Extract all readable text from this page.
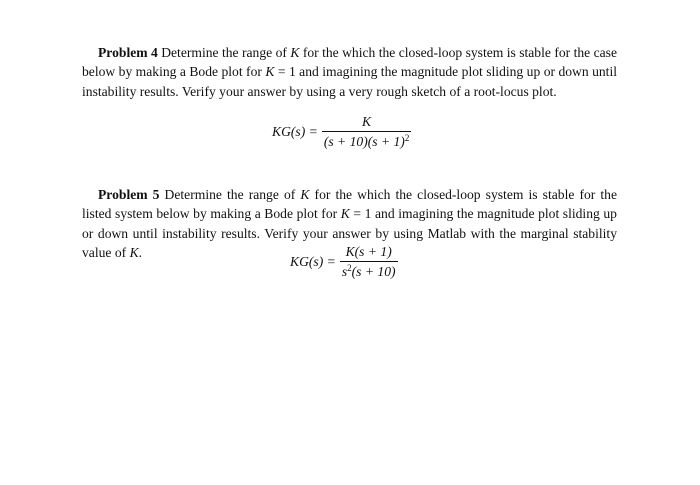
Problem 4 Determine the range of K for the which the closed-loop system is stable for the case below by making a Bode plot for K = 1 and imagining the magnitude plot sliding up or down until instability results. Verify your answer by using a very rough sketch of a root-locus plot.

$KG(s) = \frac{K}{(s + 10)(s + 1)^2}$

Problem 5 Determine the range of K for the which the closed-loop system is stable for the listed system below by making a Bode plot for K = 1 and imagining the magnitude plot sliding up or down until instability results. Verify your answer by using Matlab with the marginal stability value of K.

$KG(s) = \frac{K(s + 1)}{s^2(s + 10)}$
